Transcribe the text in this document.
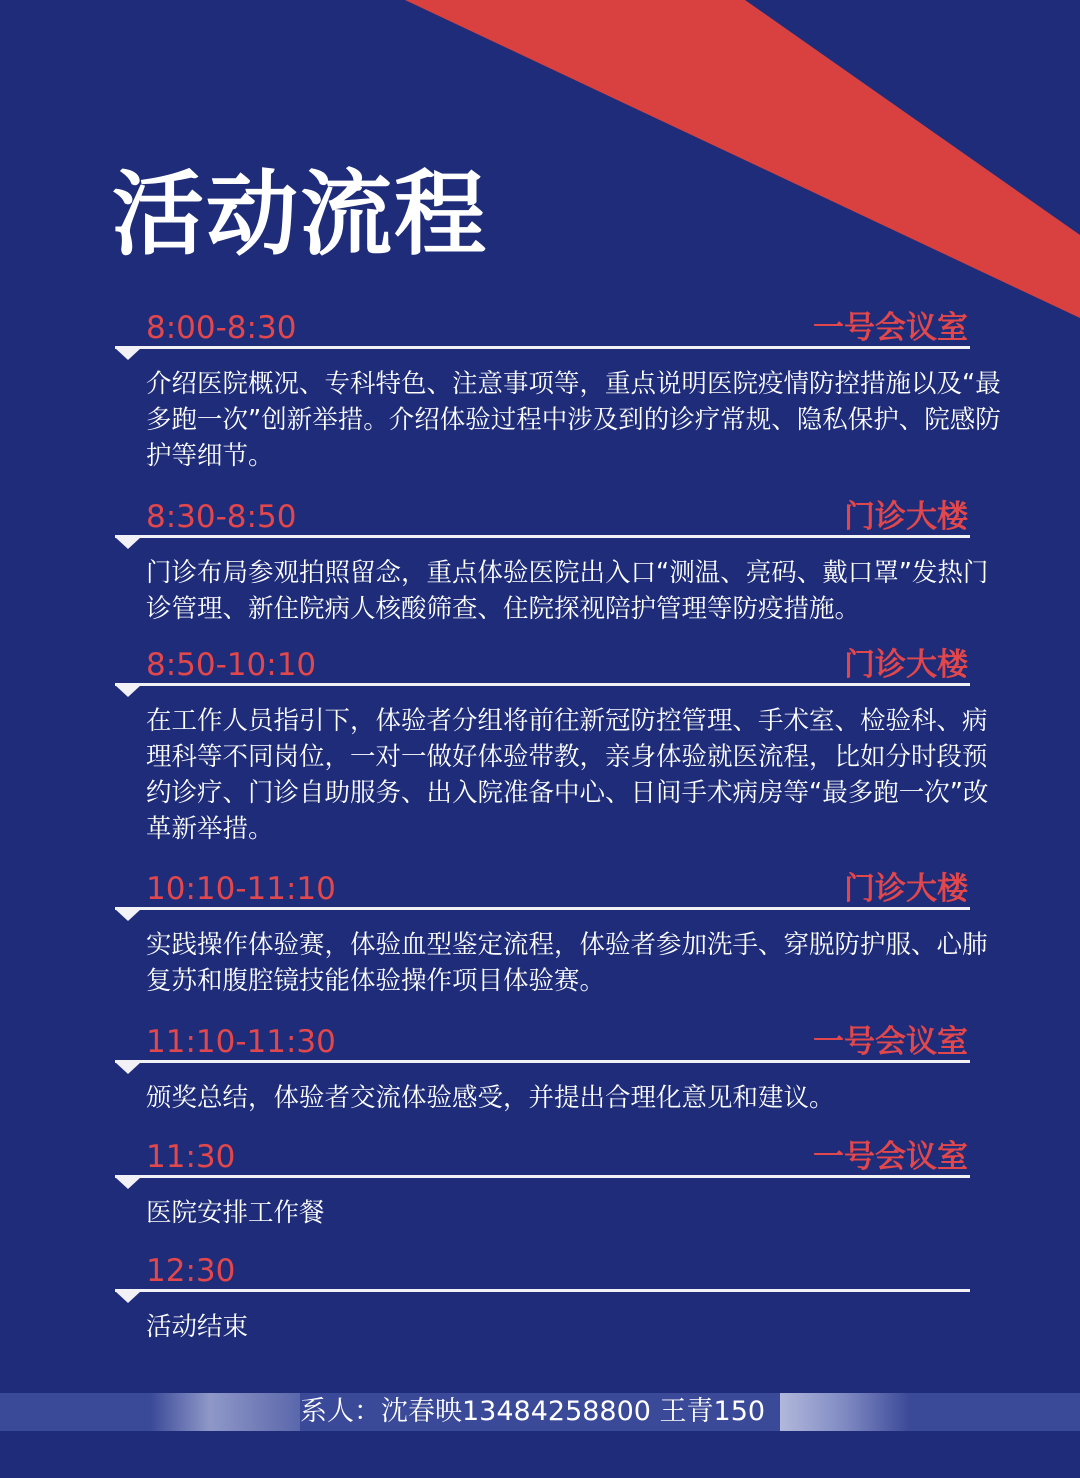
活动流程
8:00-8:30	一号会议室
介绍医院概况、专科特色、注意事项等，重点说明医院疫情防控措施以及“最多跑一次”创新举措。介绍体验过程中涉及到的诊疗常规、隐私保护、院感防护等细节。
8:30-8:50	门诊大楼
门诊布局参观拍照留念，重点体验医院出入口“测温、亮码、戴口罩”发热门诊管理、新住院病人核酸筛查、住院探视陪护管理等防疫措施。
8:50-10:10	门诊大楼
在工作人员指引下，体验者分组将前往新冠防控管理、手术室、检验科、病理科等不同岗位，一对一做好体验带教，亲身体验就医流程，比如分时段预约诊疗、门诊自助服务、出入院准备中心、日间手术病房等“最多跑一次”改革新举措。
10:10-11:10	门诊大楼
实践操作体验赛，体验血型鉴定流程，体验者参加洗手、穿脱防护服、心肺复苏和腹腔镜技能体验操作项目体验赛。
11:10-11:30	一号会议室
颁奖总结，体验者交流体验感受，并提出合理化意见和建议。
11:30	一号会议室
医院安排工作餐
12:30
活动结束
系人：沈春映13484258800 王青150
